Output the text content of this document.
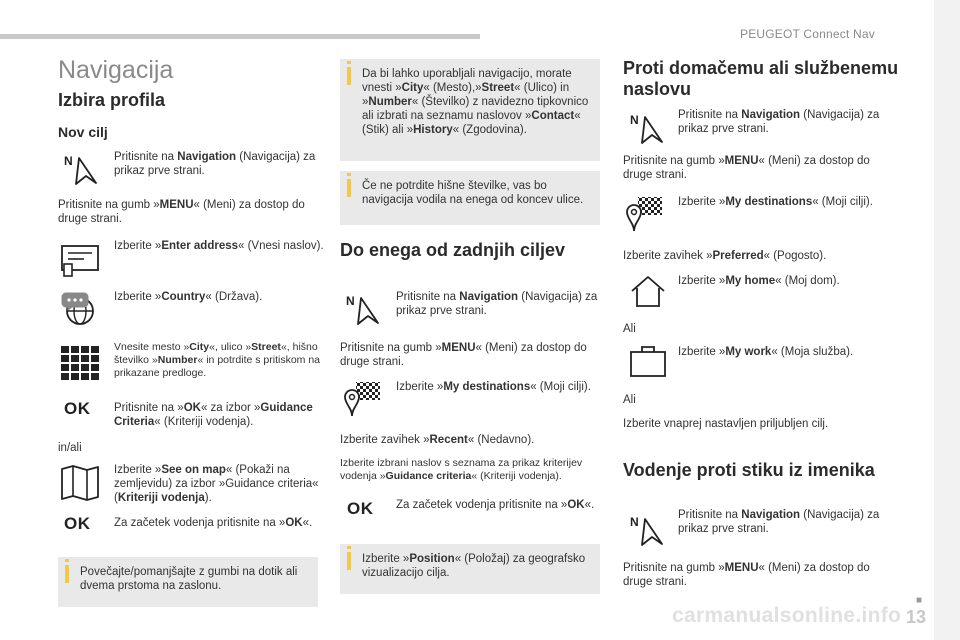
PEUGEOT Connect Nav
■
carmanualsonline.info 13
Navigacija
Izbira profila
Nov cilj
N	Pritisnite na Navigation (Navigacija) za prikaz prve strani.
Pritisnite na gumb »MENU« (Meni) za dostop do druge strani.
Izberite »Enter address« (Vnesi naslov).
Izberite »Country« (Država).
Vnesite mesto »City«, ulico »Street«, hišno številko »Number« in potrdite s pritiskom na prikazane predloge.
OK Pritisnite na »OK« za izbor »Guidance Criteria« (Kriteriji vodenja).
in/ali
Izberite »See on map« (Pokaži na zemljevidu) za izbor »Guidance criteria« (Kriteriji vodenja).
OK Za začetek vodenja pritisnite na »OK«.
Povečajte/pomanjšajte z gumbi na dotik ali dvema prstoma na zaslonu.
Da bi lahko uporabljali navigacijo, morate vnesti »City« (Mesto),»Street« (Ulico) in »Number« (Številko) z navidezno tipkovnico ali izbrati na seznamu naslovov »Contact« (Stik) ali »History« (Zgodovina).
Če ne potrdite hišne številke, vas bo navigacija vodila na enega od koncev ulice.
Do enega od zadnjih ciljev
N	Pritisnite na Navigation (Navigacija) za prikaz prve strani.
Pritisnite na gumb »MENU« (Meni) za dostop do druge strani.
Izberite »My destinations« (Moji cilji).
Izberite zavihek »Recent« (Nedavno).
Izberite izbrani naslov s seznama za prikaz kriterijev vodenja »Guidance criteria« (Kriteriji vodenja).
OK Za začetek vodenja pritisnite na »OK«.
Izberite »Position« (Položaj) za geografsko vizualizacijo cilja.
Proti domačemu ali službenemu naslovu
N	Pritisnite na Navigation (Navigacija) za prikaz prve strani.
Pritisnite na gumb »MENU« (Meni) za dostop do druge strani.
Izberite »My destinations« (Moji cilji).
Izberite zavihek »Preferred« (Pogosto).
Izberite »My home« (Moj dom).
Ali
Izberite »My work« (Moja služba).
Ali
Izberite vnaprej nastavljen priljubljen cilj.
Vodenje proti stiku iz imenika
N	Pritisnite na Navigation (Navigacija) za prikaz prve strani.
Pritisnite na gumb »MENU« (Meni) za dostop do druge strani.
